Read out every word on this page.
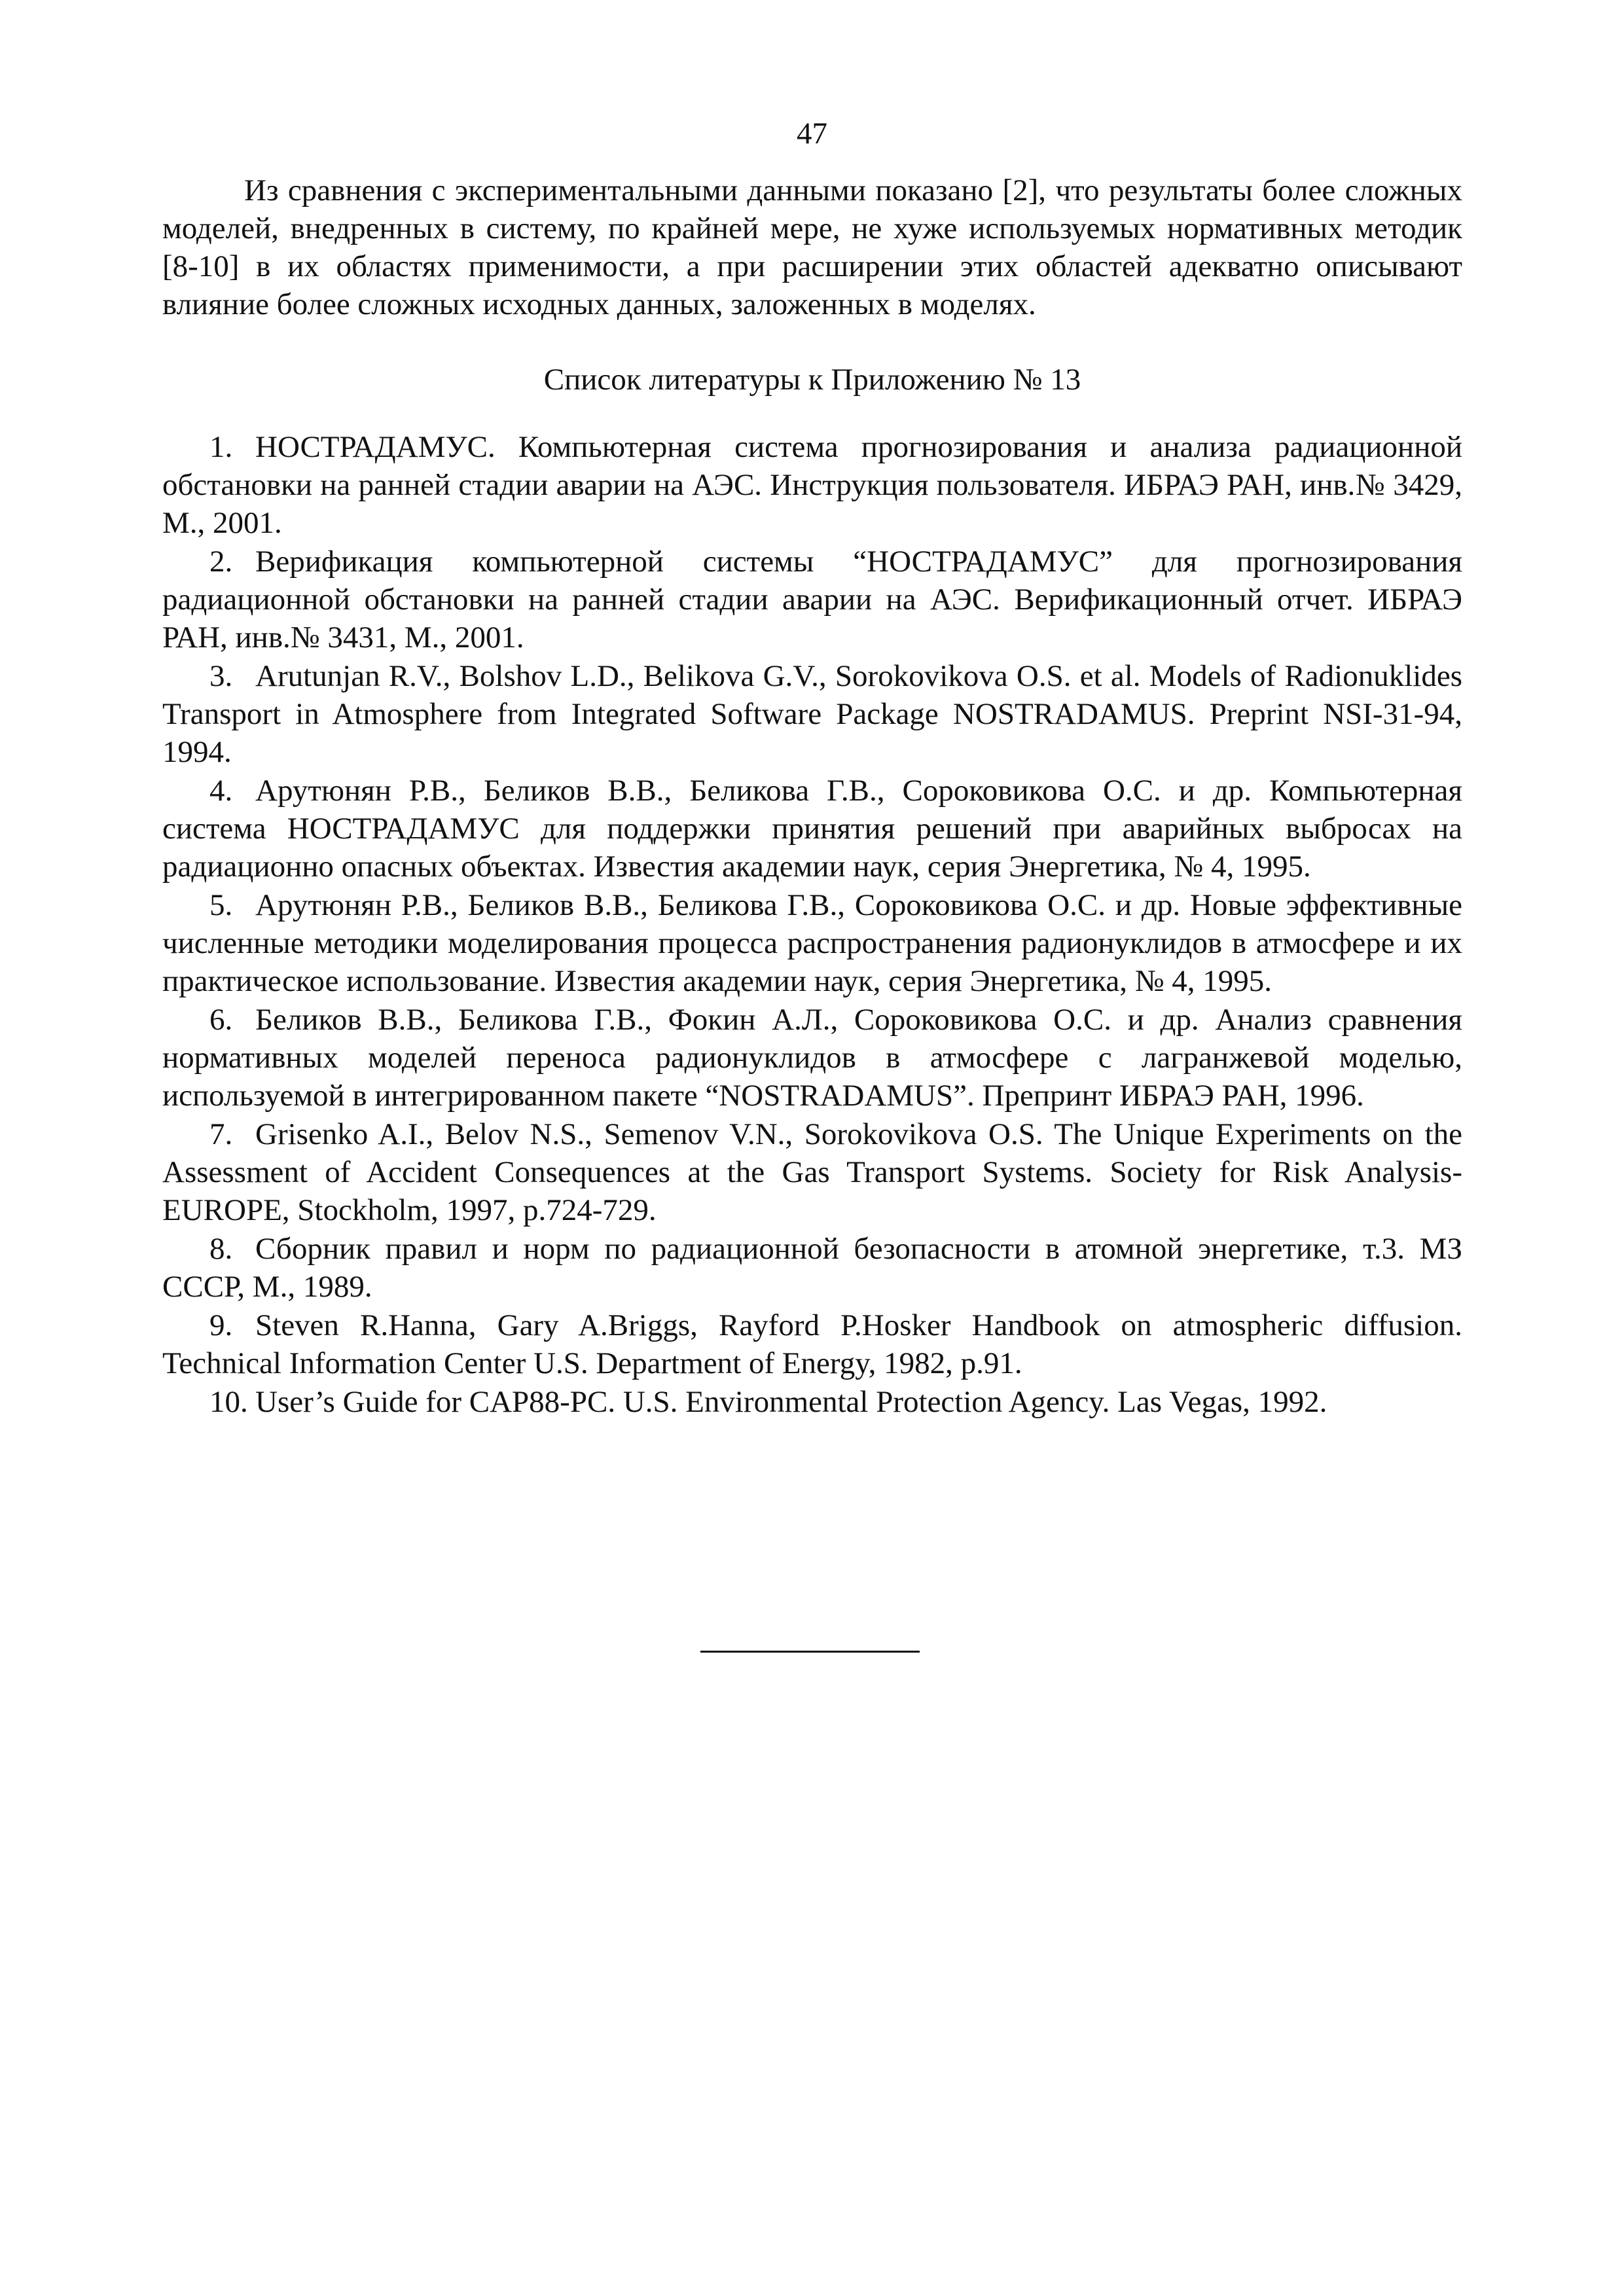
47

Из сравнения с экспериментальными данными показано [2], что результаты более сложных моделей, внедренных в систему, по крайней мере, не хуже используемых нормативных методик [8-10] в их областях применимости, а при расширении этих областей адекватно описывают влияние более сложных исходных данных, заложенных в моделях.

Список литературы к Приложению № 13
1. НОСТРАДАМУС. Компьютерная система прогнозирования и анализа радиационной обстановки на ранней стадии аварии на АЭС. Инструкция пользователя. ИБРАЭ РАН, инв.№ 3429, М., 2001.
2. Верификация компьютерной системы “НОСТРАДАМУС” для прогнозирования радиационной обстановки на ранней стадии аварии на АЭС. Верификационный отчет. ИБРАЭ РАН, инв.№ 3431, М., 2001.
3. Arutunjan R.V., Bolshov L.D., Belikova G.V., Sorokovikova O.S. et al. Models of Radionuklides Transport in Atmosphere from Integrated Software Package NOSTRADAMUS. Preprint NSI-31-94, 1994.
4. Арутюнян Р.В., Беликов В.В., Беликова Г.В., Сороковикова О.С. и др. Компьютерная система НОСТРАДАМУС для поддержки принятия решений при аварийных выбросах на радиационно опасных объектах. Известия академии наук, серия Энергетика, № 4, 1995.
5. Арутюнян Р.В., Беликов В.В., Беликова Г.В., Сороковикова О.С. и др. Новые эффективные численные методики моделирования процесса распространения радионуклидов в атмосфере и их практическое использование. Известия академии наук, серия Энергетика, № 4, 1995.
6. Беликов В.В., Беликова Г.В., Фокин А.Л., Сороковикова О.С. и др. Анализ сравнения нормативных моделей переноса радионуклидов в атмосфере с лагранжевой моделью, используемой в интегрированном пакете “NOSTRADAMUS”. Препринт ИБРАЭ РАН, 1996.
7. Grisenko A.I., Belov N.S., Semenov V.N., Sorokovikova O.S. The Unique Experiments on the Assessment of Accident Consequences at the Gas Transport Systems. Society for Risk Analysis-EUROPE, Stockholm, 1997, p.724-729.
8. Сборник правил и норм по радиационной безопасности в атомной энергетике, т.3. МЗ СССР, М., 1989.
9. Steven R.Hanna, Gary A.Briggs, Rayford P.Hosker Handbook on atmospheric diffusion. Technical Information Center U.S. Department of Energy, 1982, p.91.
10. User’s Guide for CAP88-PC. U.S. Environmental Protection Agency. Las Vegas, 1992.
